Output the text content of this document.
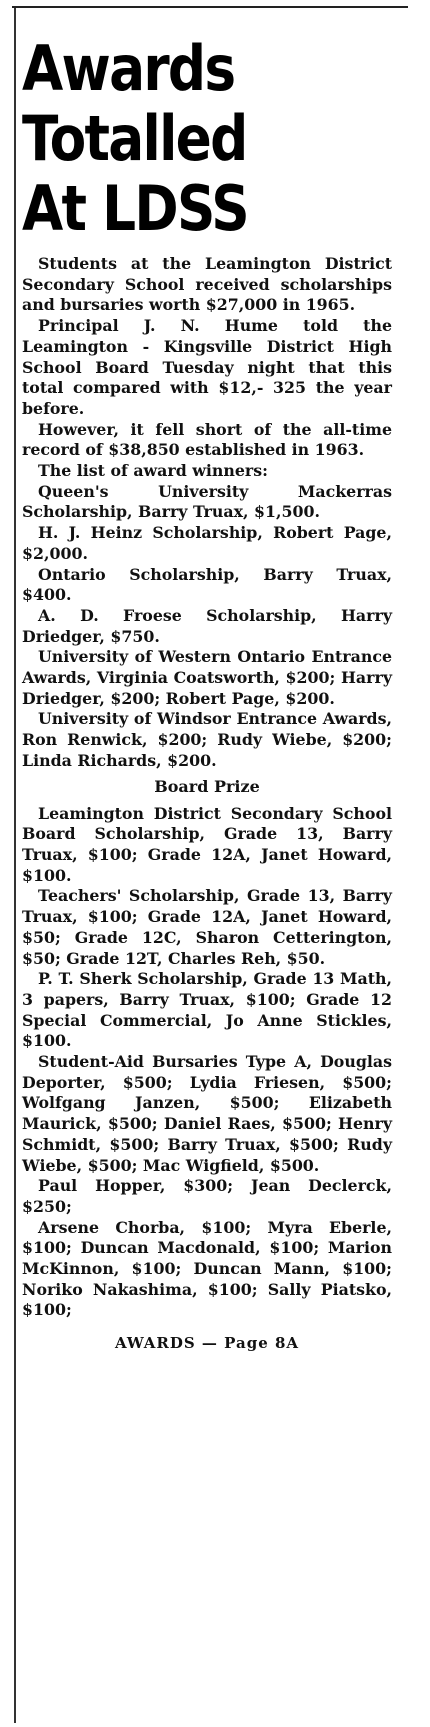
Awards
Totalled
At LDSS

Students at the Leamington District Secondary School received scholarships and bursaries worth $27,000 in 1965.

Principal J. N. Hume told the Leamington - Kingsville District High School Board Tuesday night that this total compared with $12,- 325 the year before.

However, it fell short of the all-time record of $38,850 established in 1963.

The list of award winners:

Queen's University Mackerras Scholarship, Barry Truax, $1,500.

H. J. Heinz Scholarship, Robert Page, $2,000.

Ontario Scholarship, Barry Truax, $400.

A. D. Froese Scholarship, Harry Driedger, $750.

University of Western Ontario Entrance Awards, Virginia Coatsworth, $200; Harry Driedger, $200; Robert Page, $200.

University of Windsor Entrance Awards, Ron Renwick, $200; Rudy Wiebe, $200; Linda Richards, $200.

Board Prize

Leamington District Secondary School Board Scholarship, Grade 13, Barry Truax, $100; Grade 12A, Janet Howard, $100.

Teachers' Scholarship, Grade 13, Barry Truax, $100; Grade 12A, Janet Howard, $50; Grade 12C, Sharon Cetterington, $50; Grade 12T, Charles Reh, $50.

P. T. Sherk Scholarship, Grade 13 Math, 3 papers, Barry Truax, $100; Grade 12 Special Commercial, Jo Anne Stickles, $100.

Student-Aid Bursaries Type A, Douglas Deporter, $500; Lydia Friesen, $500; Wolfgang Janzen, $500; Elizabeth Maurick, $500; Daniel Raes, $500; Henry Schmidt, $500; Barry Truax, $500; Rudy Wiebe, $500; Mac Wigfield, $500.

Paul Hopper, $300; Jean Declerck, $250;

Arsene Chorba, $100; Myra Eberle, $100; Duncan Macdonald, $100; Marion McKinnon, $100; Duncan Mann, $100; Noriko Nakashima, $100; Sally Piatsko, $100;

AWARDS — Page 8A
